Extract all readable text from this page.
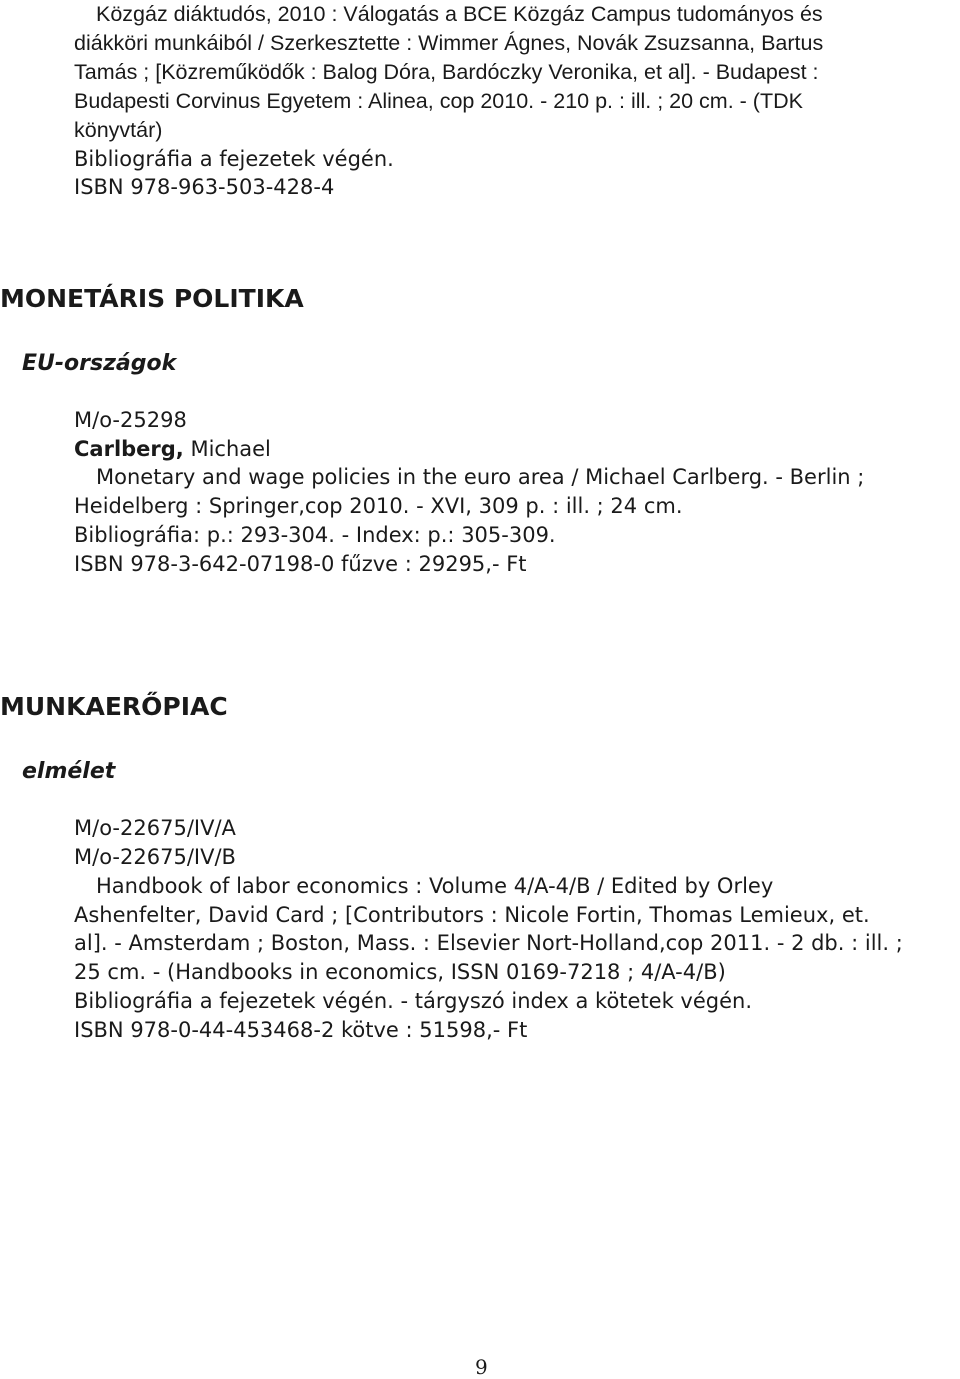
Közgáz diáktudós, 2010 : Válogatás a BCE Közgáz Campus tudományos és

diákköri munkáiból / Szerkesztette : Wimmer Ágnes, Novák Zsuzsanna, Bartus

Tamás ; [Közreműködők : Balog Dóra, Bardóczky Veronika, et al]. - Budapest :

Budapesti Corvinus Egyetem : Alinea, cop 2010. - 210 p. : ill. ; 20 cm. - (TDK

könyvtár)

Bibliográfia a fejezetek végén.

ISBN 978-963-503-428-4

MONETÁRIS POLITIKA
EU-országok

M/o-25298

Carlberg, Michael

Monetary and wage policies in the euro area / Michael Carlberg. - Berlin ;

Heidelberg : Springer,cop 2010. - XVI, 309 p. : ill. ; 24 cm.

Bibliográfia: p.: 293-304. - Index: p.: 305-309.

ISBN 978-3-642-07198-0 fűzve : 29295,- Ft

MUNKAERŐPIAC
elmélet

M/o-22675/IV/A

M/o-22675/IV/B

Handbook of labor economics : Volume 4/A-4/B / Edited by Orley

Ashenfelter, David Card ; [Contributors : Nicole Fortin, Thomas Lemieux, et.

al]. - Amsterdam ; Boston, Mass. : Elsevier Nort-Holland,cop 2011. - 2 db. : ill. ;

25 cm. - (Handbooks in economics, ISSN 0169-7218 ; 4/A-4/B)

Bibliográfia a fejezetek végén. - tárgyszó index a kötetek végén.

ISBN 978-0-44-453468-2 kötve : 51598,- Ft

9
